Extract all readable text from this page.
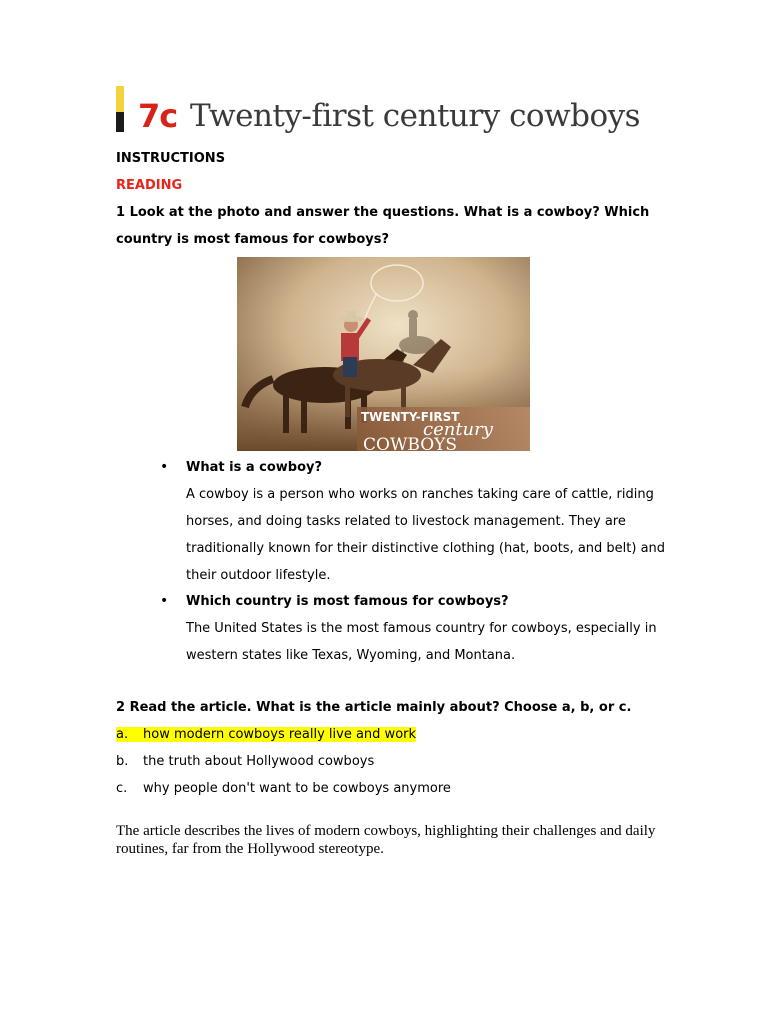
7c Twenty-first century cowboys
INSTRUCTIONS
READING
1 Look at the photo and answer the questions. What is a cowboy? Which country is most famous for cowboys?
TWENTY-FIRST
century
COWBOYS
• What is a cowboy?
A cowboy is a person who works on ranches taking care of cattle, riding horses, and doing tasks related to livestock management. They are traditionally known for their distinctive clothing (hat, boots, and belt) and their outdoor lifestyle.
• Which country is most famous for cowboys?
The United States is the most famous country for cowboys, especially in western states like Texas, Wyoming, and Montana.
2 Read the article. What is the article mainly about? Choose a, b, or c.
a.	how modern cowboys really live and work
b. the truth about Hollywood cowboys
c. why people don't want to be cowboys anymore
The article describes the lives of modern cowboys, highlighting their challenges and daily routines, far from the Hollywood stereotype.
